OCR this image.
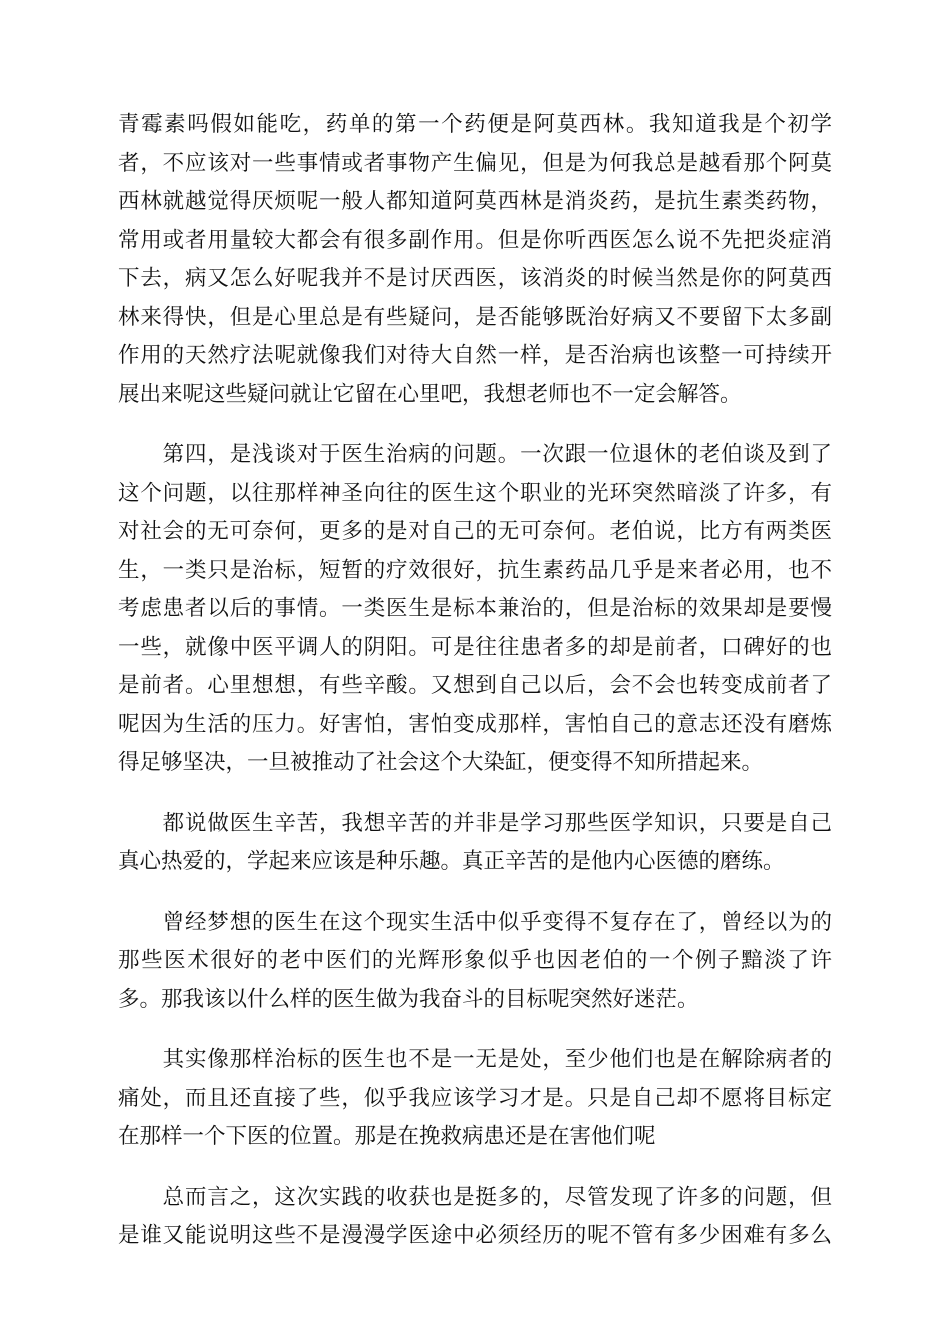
青霉素吗假如能吃，药单的第一个药便是阿莫西林。我知道我是个初学
者，不应该对一些事情或者事物产生偏见，但是为何我总是越看那个阿莫
西林就越觉得厌烦呢一般人都知道阿莫西林是消炎药，是抗生素类药物，
常用或者用量较大都会有很多副作用。但是你听西医怎么说不先把炎症消
下去，病又怎么好呢我并不是讨厌西医，该消炎的时候当然是你的阿莫西
林来得快，但是心里总是有些疑问，是否能够既治好病又不要留下太多副
作用的天然疗法呢就像我们对待大自然一样，是否治病也该整一可持续开
展出来呢这些疑问就让它留在心里吧，我想老师也不一定会解答。
　　第四，是浅谈对于医生治病的问题。一次跟一位退休的老伯谈及到了
这个问题，以往那样神圣向往的医生这个职业的光环突然暗淡了许多，有
对社会的无可奈何，更多的是对自己的无可奈何。老伯说，比方有两类医
生，一类只是治标，短暂的疗效很好，抗生素药品几乎是来者必用，也不
考虑患者以后的事情。一类医生是标本兼治的，但是治标的效果却是要慢
一些，就像中医平调人的阴阳。可是往往患者多的却是前者，口碑好的也
是前者。心里想想，有些辛酸。又想到自己以后，会不会也转变成前者了
呢因为生活的压力。好害怕，害怕变成那样，害怕自己的意志还没有磨炼
得足够坚决，一旦被推动了社会这个大染缸，便变得不知所措起来。
　　都说做医生辛苦，我想辛苦的并非是学习那些医学知识，只要是自己
真心热爱的，学起来应该是种乐趣。真正辛苦的是他内心医德的磨练。
　　曾经梦想的医生在这个现实生活中似乎变得不复存在了，曾经以为的
那些医术很好的老中医们的光辉形象似乎也因老伯的一个例子黯淡了许
多。那我该以什么样的医生做为我奋斗的目标呢突然好迷茫。
　　其实像那样治标的医生也不是一无是处，至少他们也是在解除病者的
痛处，而且还直接了些，似乎我应该学习才是。只是自己却不愿将目标定
在那样一个下医的位置。那是在挽救病患还是在害他们呢
　　总而言之，这次实践的收获也是挺多的，尽管发现了许多的问题，但
是谁又能说明这些不是漫漫学医途中必须经历的呢不管有多少困难有多么
